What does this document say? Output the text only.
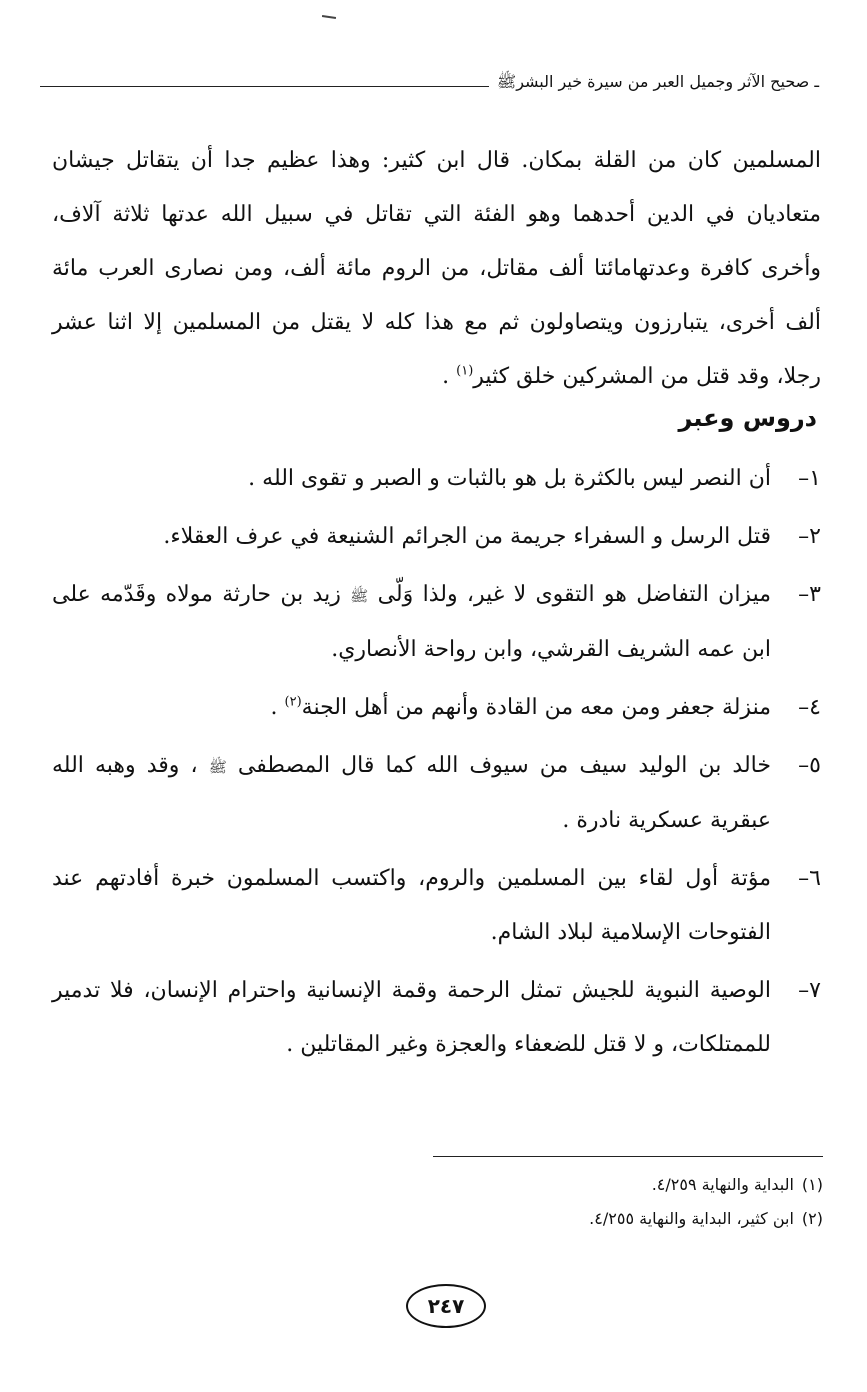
ـ صحيح الآثر وجميل العبر من سيرة خير البشرﷺ

المسلمين كان من القلة بمكان. قال ابن كثير: وهذا عظيم جدا أن يتقاتل جيشان متعاديان في الدين أحدهما وهو الفئة التي تقاتل في سبيل الله عدتها ثلاثة آلاف، وأخرى كافرة وعدتهامائتا ألف مقاتل، من الروم مائة ألف، ومن نصارى العرب مائة ألف أخرى، يتبارزون ويتصاولون ثم مع هذا كله لا يقتل من المسلمين إلا اثنا عشر رجلا، وقد قتل من المشركين خلق كثير$^{(١)}$ .

دروس وعبر
١–
أن النصر ليس بالكثرة بل هو بالثبات و الصبر و تقوى الله .
٢–
قتل الرسل و السفراء جريمة من الجرائم الشنيعة في عرف العقلاء.
٣–
ميزان التفاضل هو التقوى لا غير، ولذا وَلّى ﷺ زيد بن حارثة مولاه وقَدّمه على ابن عمه الشريف القرشي، وابن رواحة الأنصاري.
٤–
منزلة جعفر ومن معه من القادة وأنهم من أهل الجنة$^{(٢)}$ .
٥–
خالد بن الوليد سيف من سيوف الله كما قال المصطفى ﷺ ، وقد وهبه الله عبقرية عسكرية نادرة .
٦–
مؤتة أول لقاء بين المسلمين والروم، واكتسب المسلمون خبرة أفادتهم عند الفتوحات الإسلامية لبلاد الشام.
٧–
الوصية النبوية للجيش تمثل الرحمة وقمة الإنسانية واحترام الإنسان، فلا تدمير للممتلكات، و لا قتل للضعفاء والعجزة وغير المقاتلين .
(١)
البداية والنهاية ٤/٢٥٩.
(٢)
ابن كثير، البداية والنهاية ٤/٢٥٥.
٢٤٧
